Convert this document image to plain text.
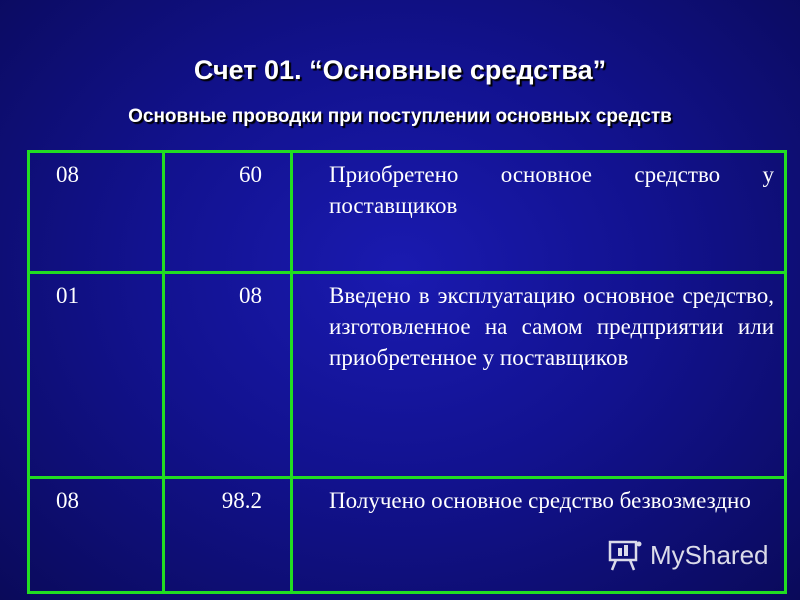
Счет 01. “Основные средства”
Основные проводки при поступлении основных средств
08	60	Приобретено основное средство у поставщиков
01	08	Введено в эксплуатацию основное средство, изготовленное на самом предприятии или приобретенное у поставщиков
08	98.2	Получено основное средство безвозмездно
MyShared
